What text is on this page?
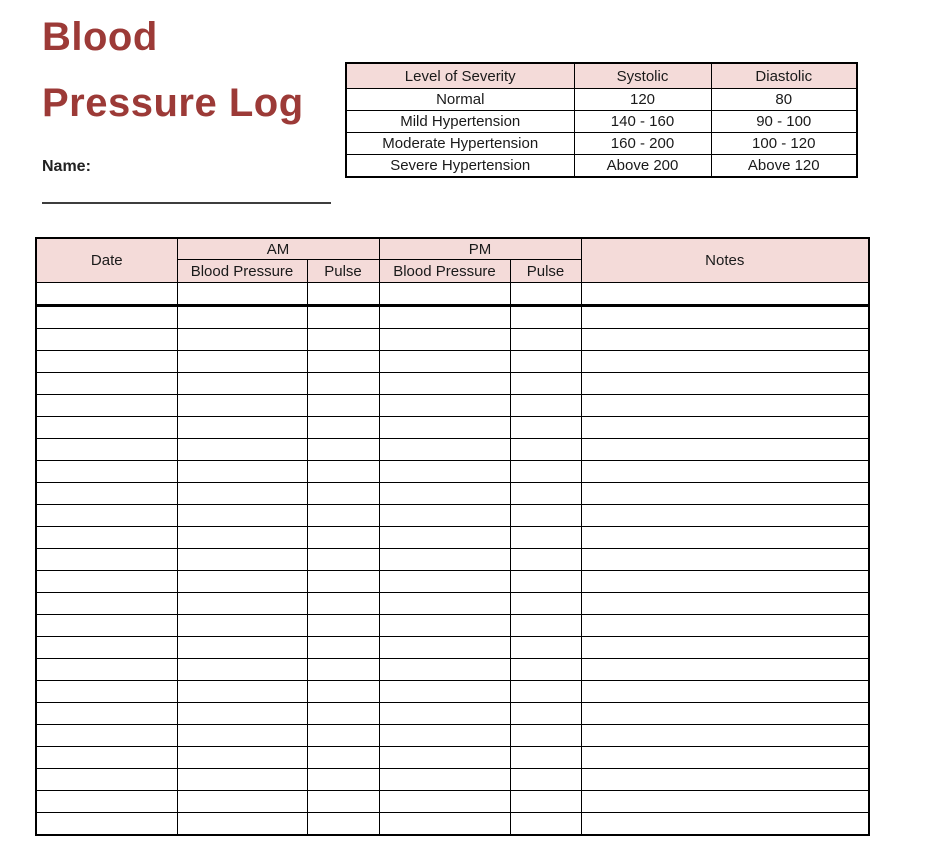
Blood
Pressure Log
Name:
Level of Severity	Systolic	Diastolic
Normal	120	80
Mild Hypertension	140 - 160	90 - 100
Moderate Hypertension	160 - 200	100 - 120
Severe Hypertension	Above 200	Above 120
Date	AM		PM		Notes
	Blood Pressure	Pulse	Blood Pressure	Pulse	
